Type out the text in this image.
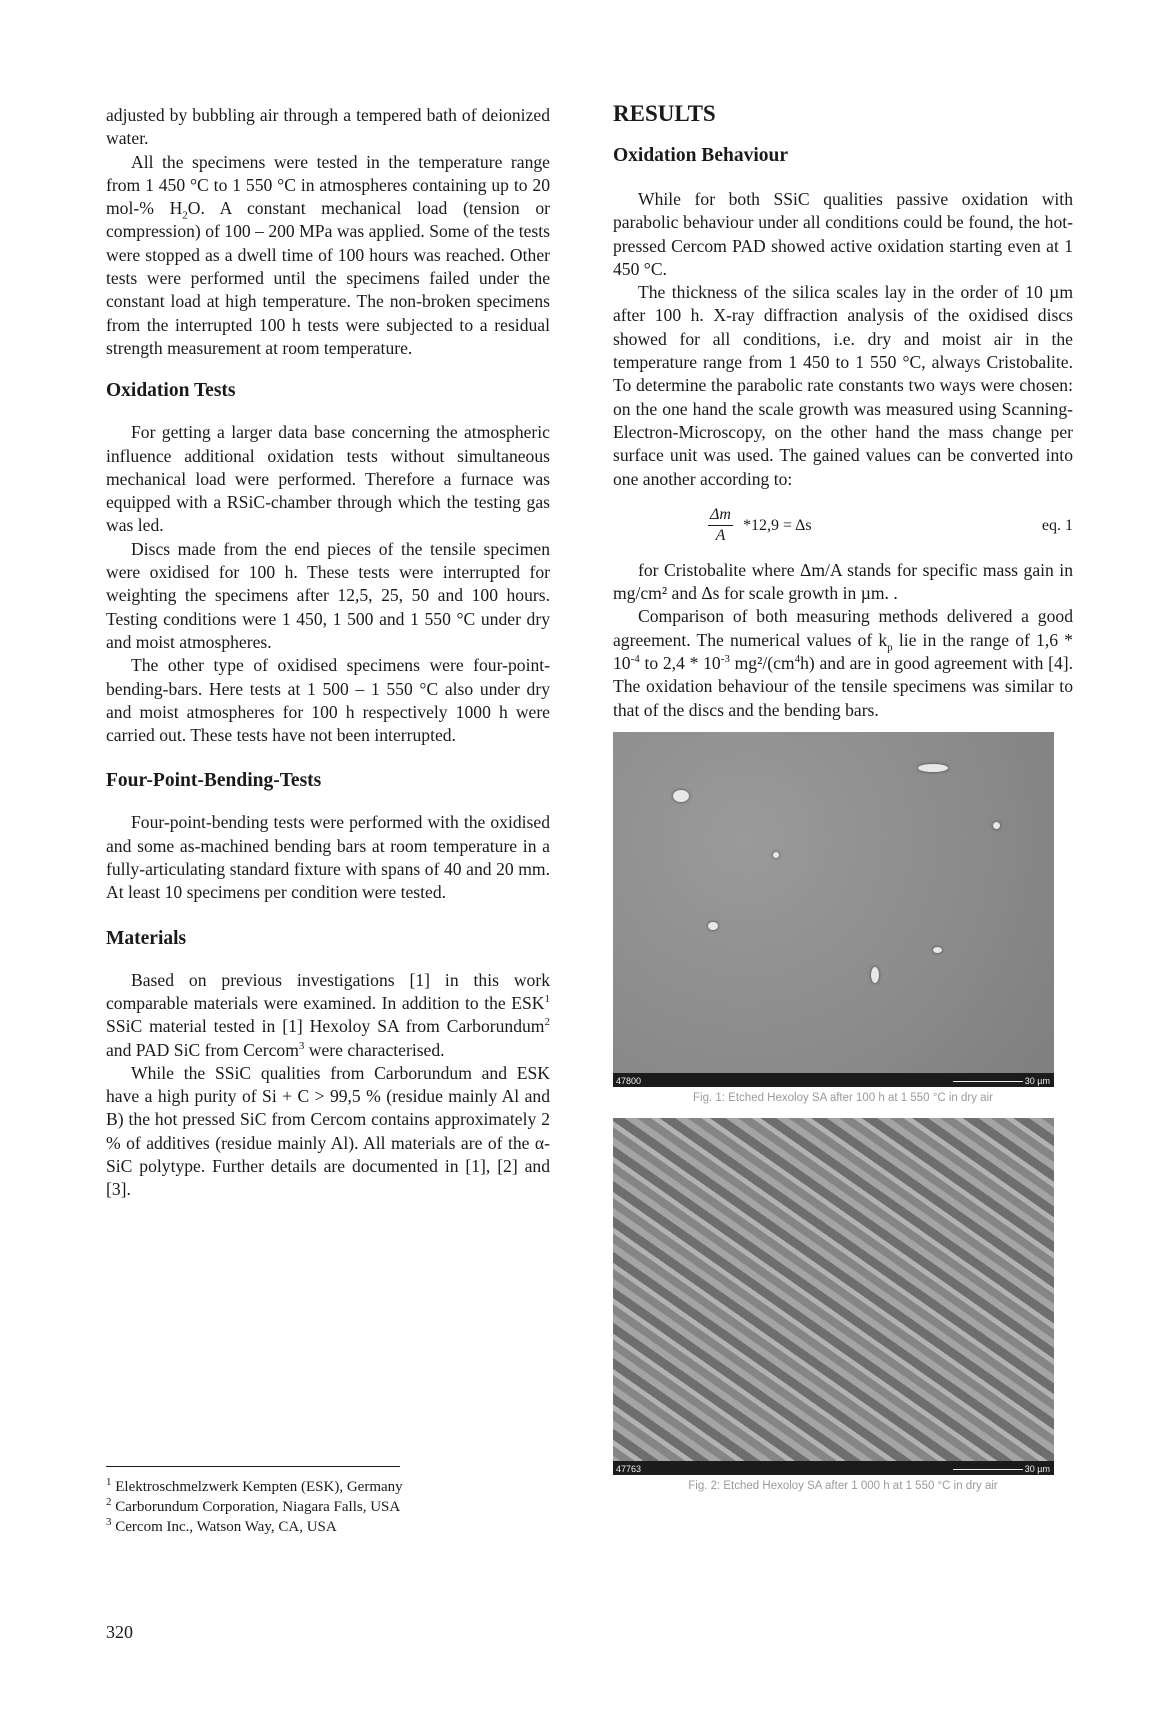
adjusted by bubbling air through a tempered bath of deionized water.

All the specimens were tested in the temperature range from 1 450 °C to 1 550 °C in atmospheres containing up to 20 mol-% $H_2O$. A constant mechanical load (tension or compression) of 100 – 200 MPa was applied. Some of the tests were stopped as a dwell time of 100 hours was reached. Other tests were performed until the specimens failed under the constant load at high temperature. The non-broken specimens from the interrupted 100 h tests were subjected to a residual strength measurement at room temperature.

Oxidation Tests

For getting a larger data base concerning the atmospheric influence additional oxidation tests without simultaneous mechanical load were performed. Therefore a furnace was equipped with a RSiC-chamber through which the testing gas was led.

Discs made from the end pieces of the tensile specimen were oxidised for 100 h. These tests were interrupted for weighting the specimens after 12,5, 25, 50 and 100 hours. Testing conditions were 1 450, 1 500 and 1 550 °C under dry and moist atmospheres.

The other type of oxidised specimens were four-point-bending-bars. Here tests at 1 500 – 1 550 °C also under dry and moist atmospheres for 100 h respectively 1000 h were carried out. These tests have not been interrupted.

Four-Point-Bending-Tests

Four-point-bending tests were performed with the oxidised and some as-machined bending bars at room temperature in a fully-articulating standard fixture with spans of 40 and 20 mm. At least 10 specimens per condition were tested.

Materials

Based on previous investigations [1] in this work comparable materials were examined. In addition to the ESK$^1$ SSiC material tested in [1] Hexoloy SA from Carborundum$^2$ and PAD SiC from Cercom$^3$ were characterised.

While the SSiC qualities from Carborundum and ESK have a high purity of Si + C > 99,5 % (residue mainly Al and B) the hot pressed SiC from Cercom contains approximately 2 % of additives (residue mainly Al). All materials are of the α-SiC polytype. Further details are documented in [1], [2] and [3].

RESULTS
Oxidation Behaviour

While for both SSiC qualities passive oxidation with parabolic behaviour under all conditions could be found, the hot-pressed Cercom PAD showed active oxidation starting even at 1 450 °C.

The thickness of the silica scales lay in the order of 10 µm after 100 h. X-ray diffraction analysis of the oxidised discs showed for all conditions, i.e. dry and moist air in the temperature range from 1 450 to 1 550 °C, always Cristobalite. To determine the parabolic rate constants two ways were chosen: on the one hand the scale growth was measured using Scanning-Electron-Microscopy, on the other hand the mass change per surface unit was used. The gained values can be converted into one another according to:

$\frac{\Delta m}{A} *12,9 = \Delta s$	eq. 1

for Cristobalite where Δm/A stands for specific mass gain in mg/cm² and Δs for scale growth in µm. .

Comparison of both measuring methods delivered a good agreement. The numerical values of $k_p$ lie in the range of $1,6 * 10^{-4}$ to $2,4 * 10^{-3}$ mg²/$(cm^4h)$ and are in good agreement with [4]. The oxidation behaviour of the tensile specimens was similar to that of the discs and the bending bars.

47800	30 µm
Fig. 1: Etched Hexoloy SA after 100 h at 1 550 °C in dry air
47763	30 µm
Fig. 2: Etched Hexoloy SA after 1 000 h at 1 550 °C in dry air
$^1$ Elektroschmelzwerk Kempten (ESK), Germany
$^2$ Carborundum Corporation, Niagara Falls, USA
$^3$ Cercom Inc., Watson Way, CA, USA
320
